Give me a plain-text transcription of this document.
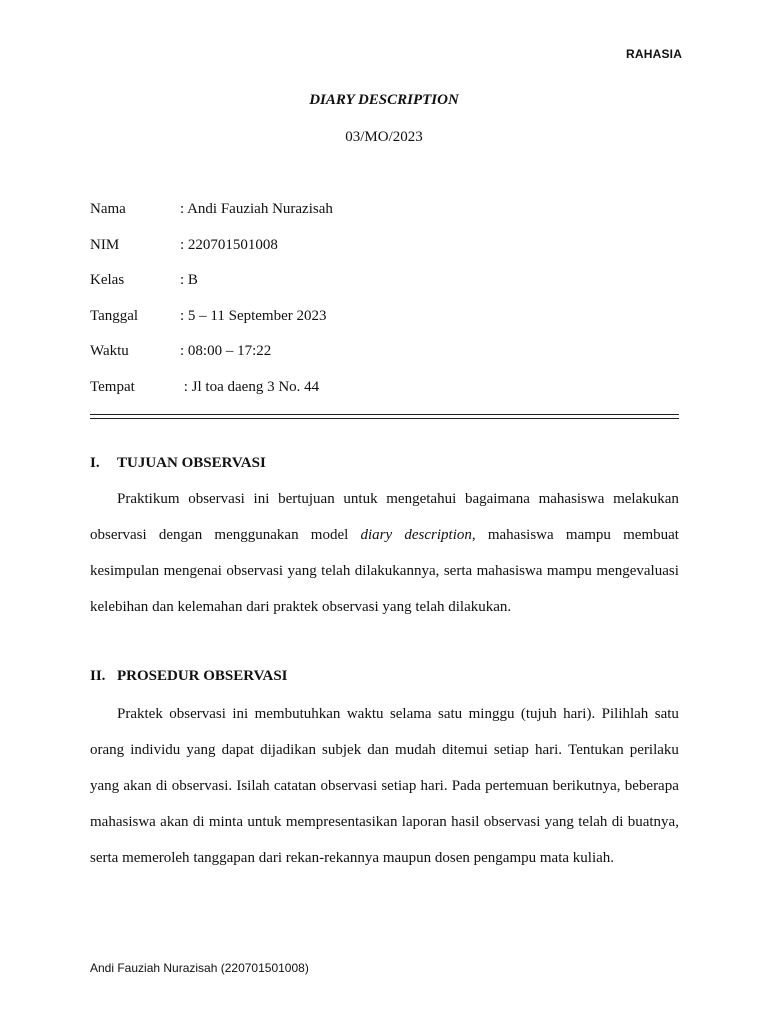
RAHASIA
DIARY DESCRIPTION
03/MO/2023
Nama	: Andi Fauziah Nurazisah
NIM	: 220701501008
Kelas	: B
Tanggal	: 5 – 11 September 2023
Waktu	: 08:00 – 17:22
Tempat	: Jl toa daeng 3 No. 44
I. TUJUAN OBSERVASI
Praktikum observasi ini bertujuan untuk mengetahui bagaimana mahasiswa melakukan
observasi dengan menggunakan model diary description, mahasiswa mampu membuat
kesimpulan mengenai observasi yang telah dilakukannya, serta mahasiswa mampu mengevaluasi
kelebihan dan kelemahan dari praktek observasi yang telah dilakukan.
II. PROSEDUR OBSERVASI
Praktek observasi ini membutuhkan waktu selama satu minggu (tujuh hari). Pilihlah satu
orang individu yang dapat dijadikan subjek dan mudah ditemui setiap hari. Tentukan perilaku
yang akan di observasi. Isilah catatan observasi setiap hari. Pada pertemuan berikutnya, beberapa
mahasiswa akan di minta untuk mempresentasikan laporan hasil observasi yang telah di buatnya,
serta memeroleh tanggapan dari rekan-rekannya maupun dosen pengampu mata kuliah.
Andi Fauziah Nurazisah (220701501008)
